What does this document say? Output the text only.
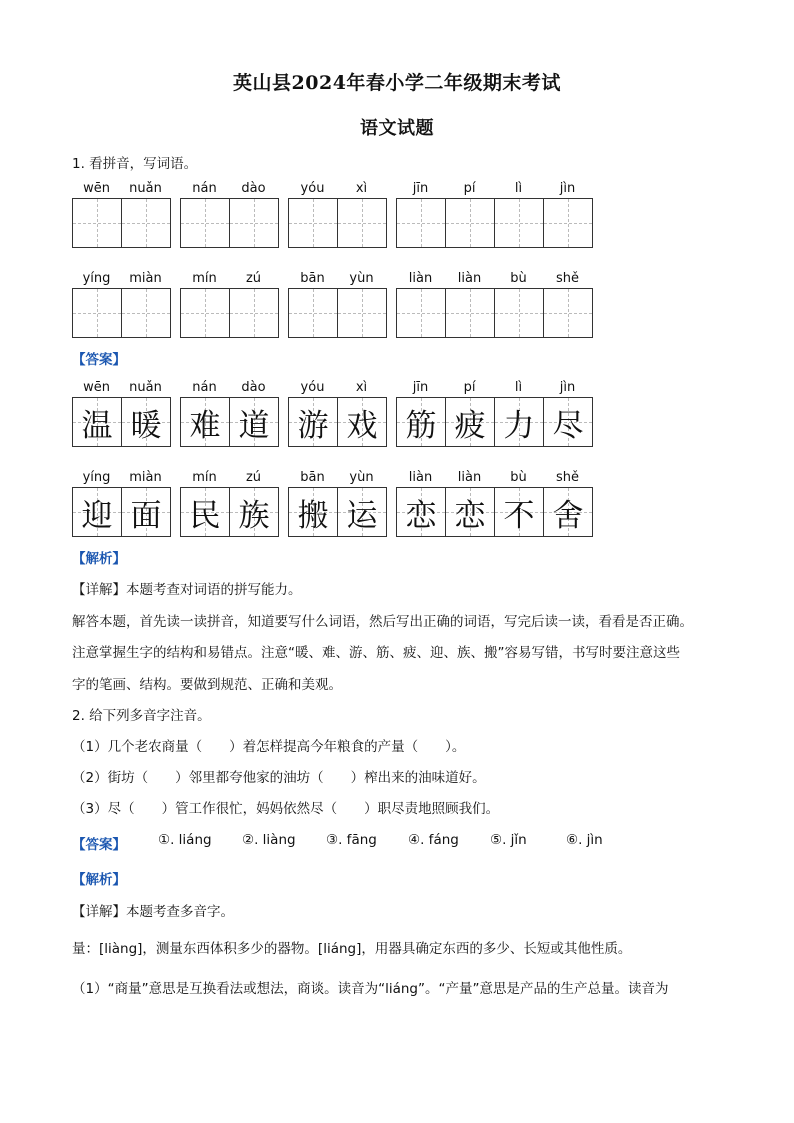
英山县2024年春小学二年级期末考试
语文试题
1. 看拼音，写词语。
wēn	nuǎn	nán	dào	yóu	xì	jīn	pí	lì	jìn
yíng	miàn	mín	zú	bān	yùn	liàn	liàn	bù	shě
wēn	nuǎn	nán	dào	yóu	xì	jīn	pí	lì	jìn
温 暖 难 道 游 戏 筋 疲 力 尽
yíng	miàn	mín	zú	bān	yùn	liàn	liàn	bù	shě
迎 面 民 族 搬 运 恋 恋 不 舍
【答案】
【解析】
【详解】本题考查对词语的拼写能力。
解答本题，首先读一读拼音，知道要写什么词语，然后写出正确的词语，写完后读一读，看看是否正确。
注意掌握生字的结构和易错点。注意“暖、难、游、筋、疲、迎、族、搬”容易写错，书写时要注意这些
字的笔画、结构。要做到规范、正确和美观。
2. 给下列多音字注音。
（1）几个老农商量（　　）着怎样提高今年粮食的产量（　　）。
（2）街坊（　　）邻里都夸他家的油坊（　　）榨出来的油味道好。
（3）尽（　　）管工作很忙，妈妈依然尽（　　）职尽责地照顾我们。
【答案】 ①. liáng ②. liàng ③. fāng ④. fáng ⑤. jǐn	⑥. jìn
【解析】
【详解】本题考查多音字。
量：[liàng]，测量东西体积多少的器物。[liáng]，用器具确定东西的多少、长短或其他性质。
（1）“商量”意思是互换看法或想法，商谈。读音为“liáng”。“产量”意思是产品的生产总量。读音为
